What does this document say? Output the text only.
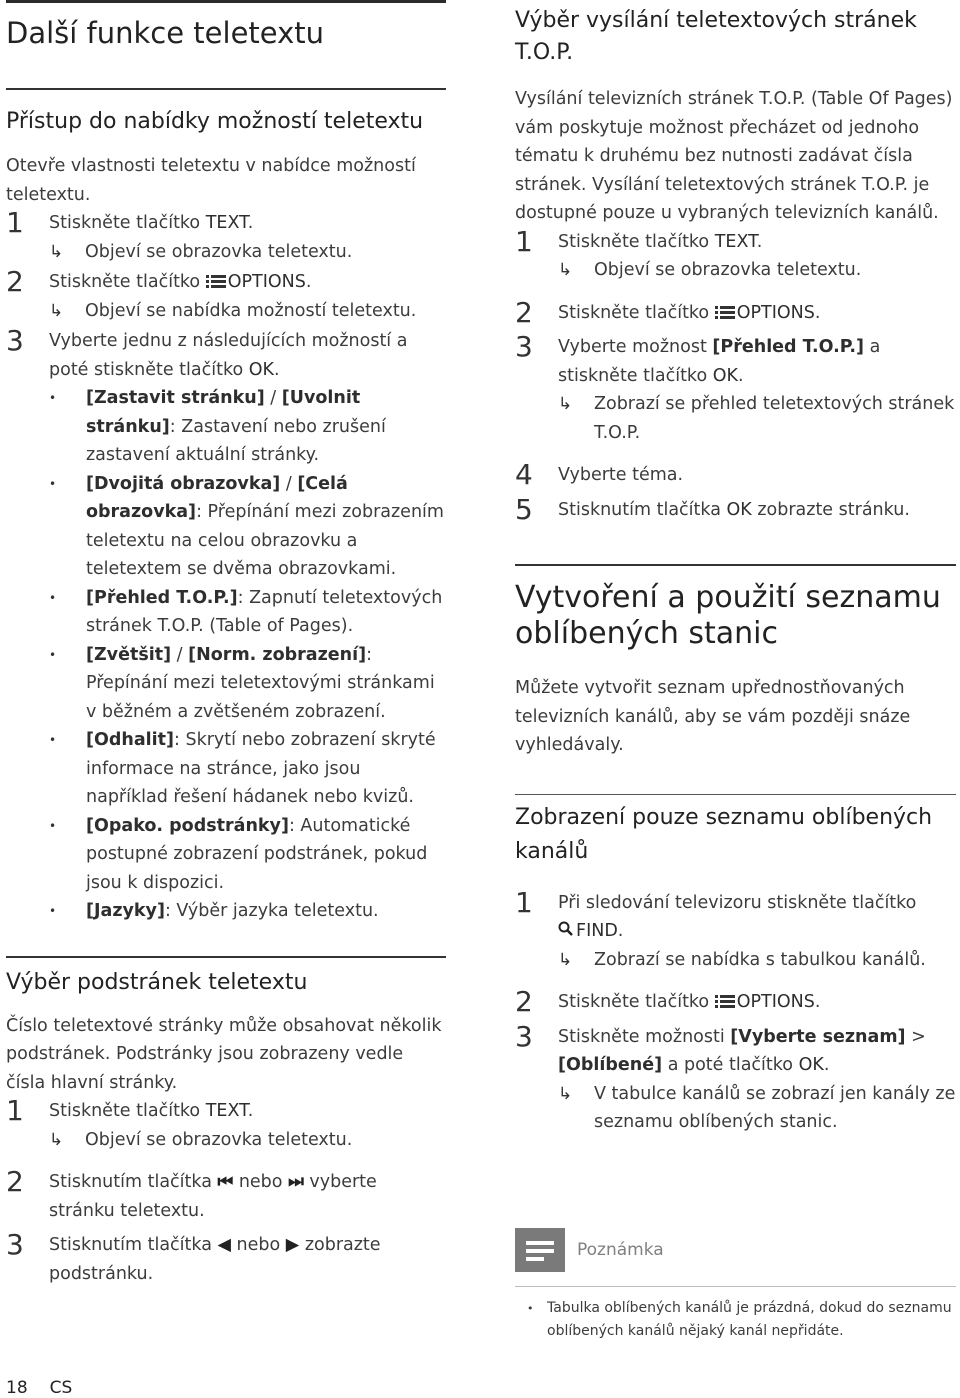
Další funkce teletextu
Přístup do nabídky možností teletextu

Otevře vlastnosti teletextu v nabídce možností teletextu.

1 Stiskněte tlačítko TEXT.
↳ Objeví se obrazovka teletextu.
2 Stiskněte tlačítko
OPTIONS.
↳ Objeví se nabídka možností teletextu.
3 Vyberte jednu z následujících možností a poté stiskněte tlačítko OK.
• [Zastavit stránku] / [Uvolnit stránku]: Zastavení nebo zrušení zastavení aktuální stránky.
• [Dvojitá obrazovka] / [Celá obrazovka]: Přepínání mezi zobrazením teletextu na celou obrazovku a teletextem se dvěma obrazovkami.
• [Přehled T.O.P.]: Zapnutí teletextových stránek T.O.P. (Table of Pages).
• [Zvětšit] / [Norm. zobrazení]: Přepínání mezi teletextovými stránkami v běžném a zvětšeném zobrazení.
• [Odhalit]: Skrytí nebo zobrazení skryté informace na stránce, jako jsou například řešení hádanek nebo kvizů.
• [Opako. podstránky]: Automatické postupné zobrazení podstránek, pokud jsou k dispozici.
• [Jazyky]: Výběr jazyka teletextu.
Výběr podstránek teletextu

Číslo teletextové stránky může obsahovat několik podstránek. Podstránky jsou zobrazeny vedle čísla hlavní stránky.

1 Stiskněte tlačítko TEXT.
↳ Objeví se obrazovka teletextu.
2 Stisknutím tlačítka ⏮ nebo ⏭ vyberte stránku teletextu.
3 Stisknutím tlačítka ◀ nebo ▶ zobrazte podstránku.
Výběr vysílání teletextových stránek T.O.P.

Vysílání televizních stránek T.O.P. (Table Of Pages) vám poskytuje možnost přecházet od jednoho tématu k druhému bez nutnosti zadávat čísla stránek. Vysílání teletextových stránek T.O.P. je dostupné pouze u vybraných televizních kanálů.

1 Stiskněte tlačítko TEXT.
↳ Objeví se obrazovka teletextu.
2 Stiskněte tlačítko
OPTIONS.
3 Vyberte možnost [Přehled T.O.P.] a stiskněte tlačítko OK.
↳ Zobrazí se přehled teletextových stránek T.O.P.
4 Vyberte téma.
5 Stisknutím tlačítka OK zobrazte stránku.
Vytvoření a použití seznamu oblíbených stanic

Můžete vytvořit seznam upřednostňovaných televizních kanálů, aby se vám později snáze vyhledávaly.

Zobrazení pouze seznamu oblíbených kanálů
1 Při sledování televizoru stiskněte tlačítko
FIND.
↳ Zobrazí se nabídka s tabulkou kanálů.
2 Stiskněte tlačítko
OPTIONS.
3 Stiskněte možnosti [Vyberte seznam] > [Oblíbené] a poté tlačítko OK.
↳ V tabulce kanálů se zobrazí jen kanály ze seznamu oblíbených stanic.
Poznámka
• Tabulka oblíbených kanálů je prázdná, dokud do seznamu oblíbených kanálů nějaký kanál nepřidáte.
18 CS
